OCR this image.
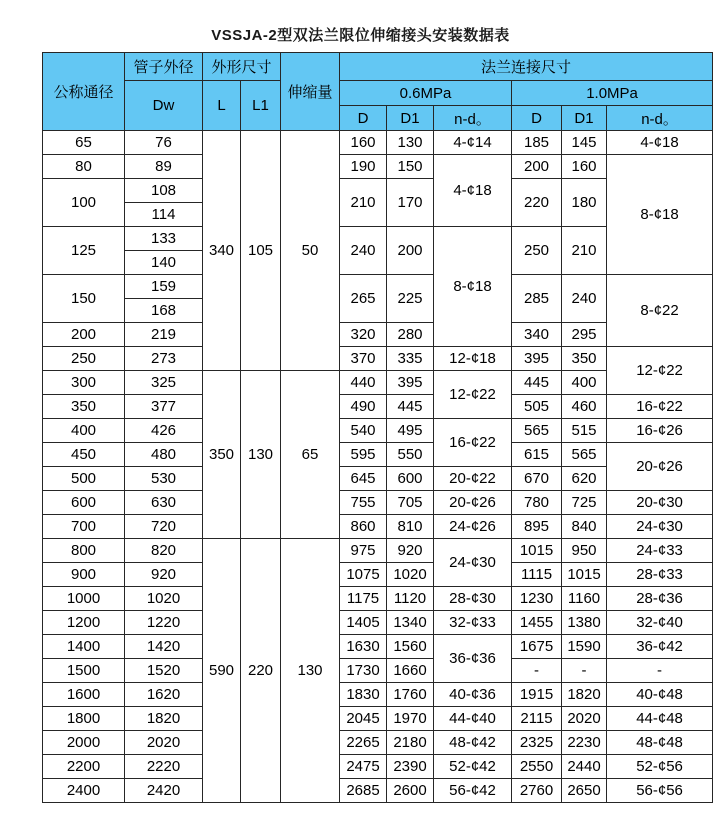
VSSJA-2型双法兰限位伸缩接头安装数据表
公称通径	管子外径	外形尺寸		伸缩量	法兰连接尺寸					
	Dw	L	L1		0.6MPa			1.0MPa		
					D	D1	n-d。	D	D1	n-d。
65	76	340	105	50	160	130	4-¢14	185	145	4-¢18
80	89				190	150	4-¢18	200	160	8-¢18
100	108				210	170		220	180	
	114									
125	133				240	200	8-¢18	250	210	
	140									
150	159				265	225		285	240	8-¢22
	168									
200	219				320	280		340	295	
250	273				370	335	12-¢18	395	350	12-¢22
300	325	350	130	65	440	395	12-¢22	445	400	
350	377				490	445		505	460	16-¢22
400	426				540	495	16-¢22	565	515	16-¢26
450	480				595	550		615	565	20-¢26
500	530				645	600	20-¢22	670	620	
600	630				755	705	20-¢26	780	725	20-¢30
700	720				860	810	24-¢26	895	840	24-¢30
800	820	590	220	130	975	920	24-¢30	1015	950	24-¢33
900	920				1075	1020		1115	1015	28-¢33
1000	1020				1175	1120	28-¢30	1230	1160	28-¢36
1200	1220				1405	1340	32-¢33	1455	1380	32-¢40
1400	1420				1630	1560	36-¢36	1675	1590	36-¢42
1500	1520				1730	1660		-	-	-
1600	1620				1830	1760	40-¢36	1915	1820	40-¢48
1800	1820				2045	1970	44-¢40	2115	2020	44-¢48
2000	2020				2265	2180	48-¢42	2325	2230	48-¢48
2200	2220				2475	2390	52-¢42	2550	2440	52-¢56
2400	2420				2685	2600	56-¢42	2760	2650	56-¢56
